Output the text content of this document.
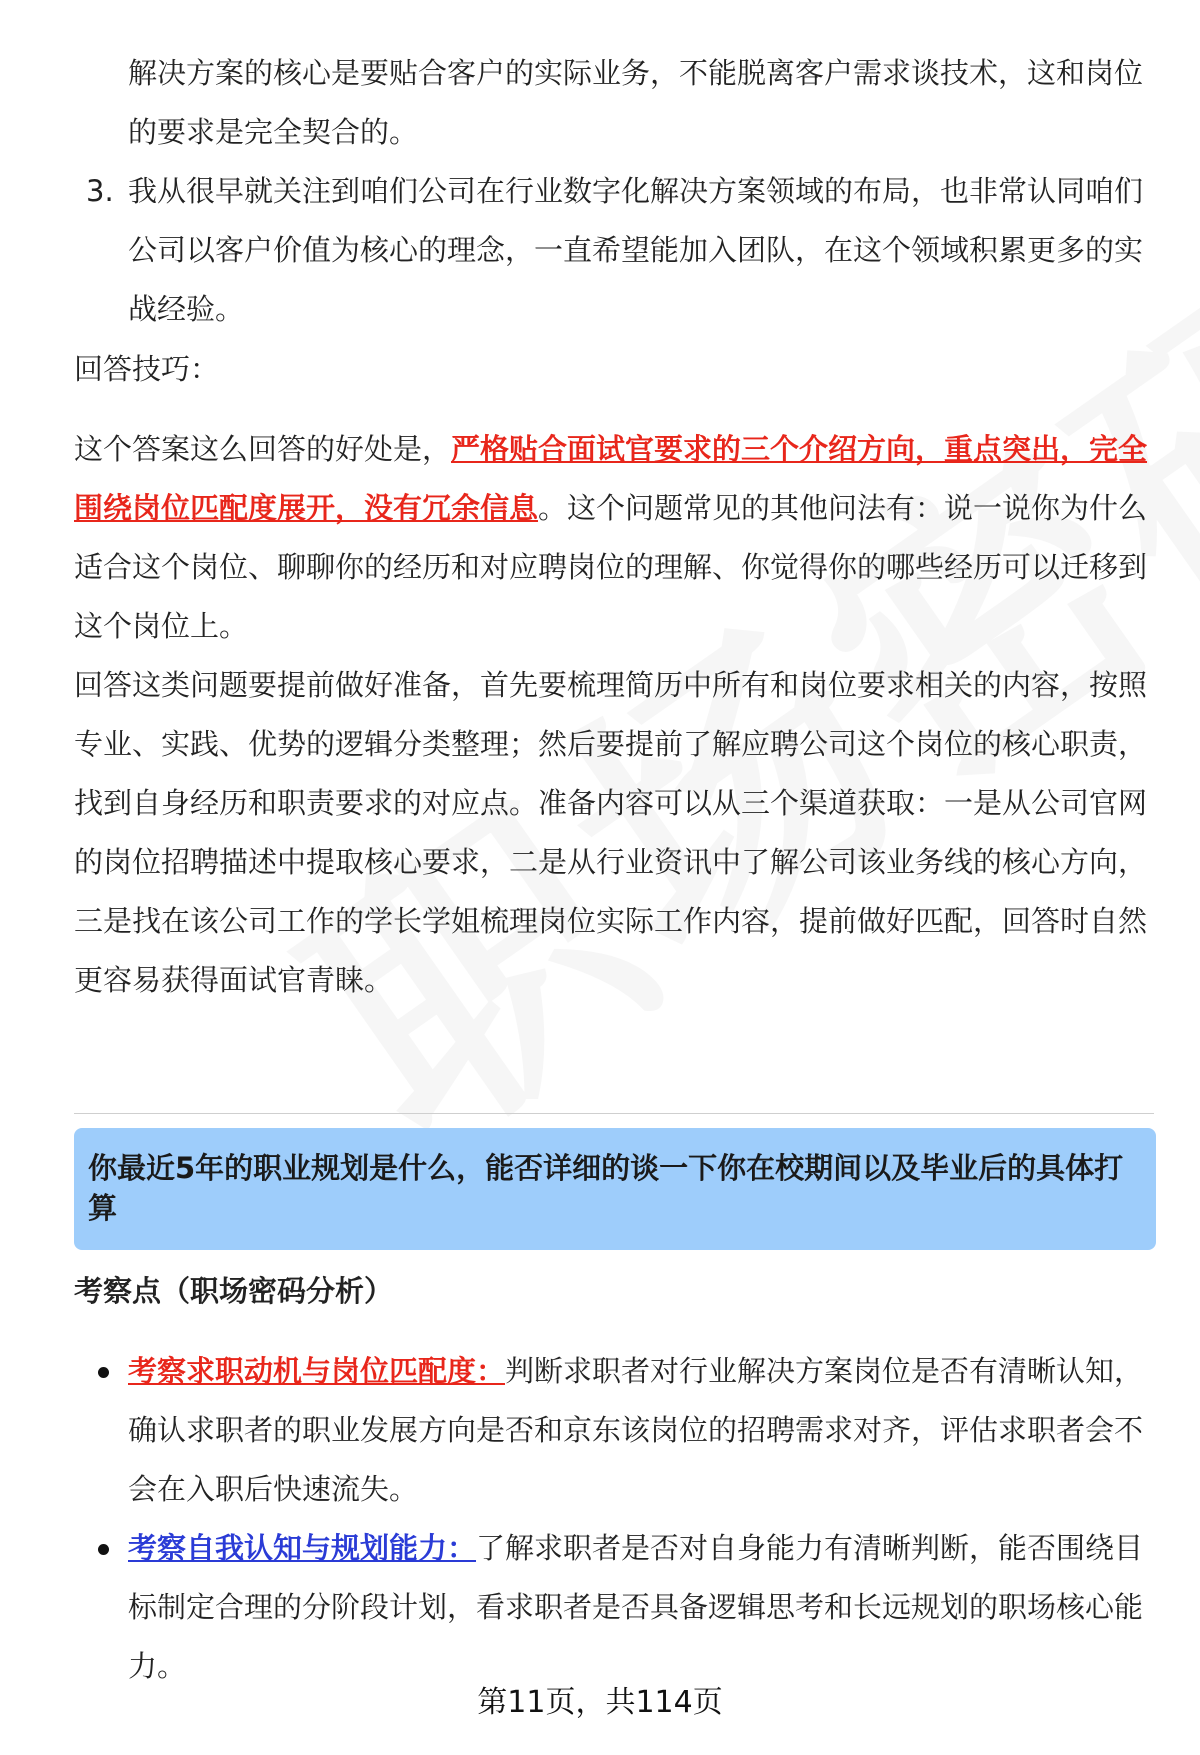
解决方案的核心是要贴合客户的实际业务，不能脱离客户需求谈技术，这和岗位的要求是完全契合的。

3. 我从很早就关注到咱们公司在行业数字化解决方案领域的布局，也非常认同咱们公司以客户价值为核心的理念，一直希望能加入团队，在这个领域积累更多的实战经验。

回答技巧：

这个答案这么回答的好处是，严格贴合面试官要求的三个介绍方向，重点突出，完全围绕岗位匹配度展开，没有冗余信息。这个问题常见的其他问法有：说一说你为什么适合这个岗位、聊聊你的经历和对应聘岗位的理解、你觉得你的哪些经历可以迁移到这个岗位上。

回答这类问题要提前做好准备，首先要梳理简历中所有和岗位要求相关的内容，按照专业、实践、优势的逻辑分类整理；然后要提前了解应聘公司这个岗位的核心职责，找到自身经历和职责要求的对应点。准备内容可以从三个渠道获取：一是从公司官网的岗位招聘描述中提取核心要求，二是从行业资讯中了解公司该业务线的核心方向，三是找在该公司工作的学长学姐梳理岗位实际工作内容，提前做好匹配，回答时自然更容易获得面试官青睐。

你最近5年的职业规划是什么，能否详细的谈一下你在校期间以及毕业后的具体打算
考察点（职场密码分析）
考察求职动机与岗位匹配度：判断求职者对行业解决方案岗位是否有清晰认知，确认求职者的职业发展方向是否和京东该岗位的招聘需求对齐，评估求职者会不会在入职后快速流失。
考察自我认知与规划能力：了解求职者是否对自身能力有清晰判断，能否围绕目标制定合理的分阶段计划，看求职者是否具备逻辑思考和长远规划的职场核心能力。
第11页，共114页
